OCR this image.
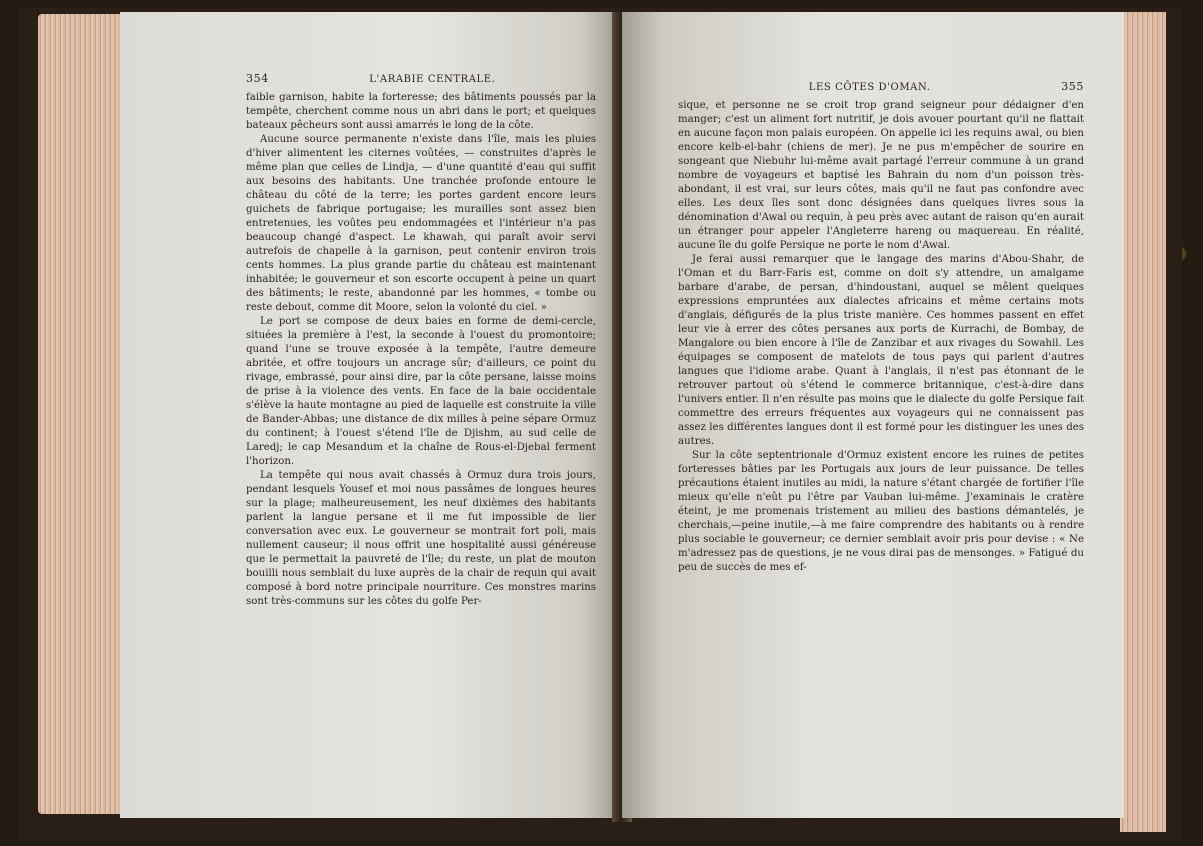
354	L'ARABIE CENTRALE.

faible garnison, habite la forteresse; des bâtiments poussés par la tempête, cherchent comme nous un abri dans le port; et quelques bateaux pêcheurs sont aussi amarrés le long de la côte.

Aucune source permanente n'existe dans l'île, mais les pluies d'hiver alimentent les citernes voûtées, — construites d'après le même plan que celles de Lindja, — d'une quantité d'eau qui suffit aux besoins des habitants. Une tranchée profonde entoure le château du côté de la terre; les portes gardent encore leurs guichets de fabrique portugaise; les murailles sont assez bien entretenues, les voûtes peu endommagées et l'intérieur n'a pas beaucoup changé d'aspect. Le khawah, qui paraît avoir servi autrefois de chapelle à la garnison, peut contenir environ trois cents hommes. La plus grande partie du château est maintenant inhabitée; le gouverneur et son escorte occupent à peine un quart des bâtiments; le reste, abandonné par les hommes, « tombe ou reste debout, comme dit Moore, selon la volonté du ciel. »

Le port se compose de deux baies en forme de demi-cercle, situées la première à l'est, la seconde à l'ouest du promontoire; quand l'une se trouve exposée à la tempête, l'autre demeure abritée, et offre toujours un ancrage sûr; d'ailleurs, ce point du rivage, embrassé, pour ainsi dire, par la côte persane, laisse moins de prise à la violence des vents. En face de la baie occidentale s'élève la haute montagne au pied de laquelle est construite la ville de Bander-Abbas; une distance de dix milles à peine sépare Ormuz du continent; à l'ouest s'étend l'île de Djishm, au sud celle de Laredj; le cap Mesandum et la chaîne de Rous-el-Djebal ferment l'horizon.

La tempête qui nous avait chassés à Ormuz dura trois jours, pendant lesquels Yousef et moi nous passâmes de longues heures sur la plage; malheureusement, les neuf dixièmes des habitants parlent la langue persane et il me fut impossible de lier conversation avec eux. Le gouverneur se montrait fort poli, mais nullement causeur; il nous offrit une hospitalité aussi généreuse que le permettait la pauvreté de l'île; du reste, un plat de mouton bouilli nous semblait du luxe auprès de la chair de requin qui avait composé à bord notre principale nourriture. Ces monstres marins sont très-communs sur les côtes du golfe Per-

LES CÔTES D'OMAN.	355

sique, et personne ne se croit trop grand seigneur pour dédaigner d'en manger; c'est un aliment fort nutritif, je dois avouer pourtant qu'il ne flattait en aucune façon mon palais européen. On appelle ici les requins awal, ou bien encore kelb-el-bahr (chiens de mer). Je ne pus m'empêcher de sourire en songeant que Niebuhr lui-même avait partagé l'erreur commune à un grand nombre de voyageurs et baptisé les Bahrain du nom d'un poisson très-abondant, il est vrai, sur leurs côtes, mais qu'il ne faut pas confondre avec elles. Les deux îles sont donc désignées dans quelques livres sous la dénomination d'Awal ou requin, à peu près avec autant de raison qu'en aurait un étranger pour appeler l'Angleterre hareng ou maquereau. En réalité, aucune île du golfe Persique ne porte le nom d'Awal.

Je ferai aussi remarquer que le langage des marins d'Abou-Shahr, de l'Oman et du Barr-Faris est, comme on doit s'y attendre, un amalgame barbare d'arabe, de persan, d'hindoustani, auquel se mêlent quelques expressions empruntées aux dialectes africains et même certains mots d'anglais, défigurés de la plus triste manière. Ces hommes passent en effet leur vie à errer des côtes persanes aux ports de Kurrachi, de Bombay, de Mangalore ou bien encore à l'île de Zanzibar et aux rivages du Sowahil. Les équipages se composent de matelots de tous pays qui parlent d'autres langues que l'idiome arabe. Quant à l'anglais, il n'est pas étonnant de le retrouver partout où s'étend le commerce britannique, c'est-à-dire dans l'univers entier. Il n'en résulte pas moins que le dialecte du golfe Persique fait commettre des erreurs fréquentes aux voyageurs qui ne connaissent pas assez les différentes langues dont il est formé pour les distinguer les unes des autres.

Sur la côte septentrionale d'Ormuz existent encore les ruines de petites forteresses bâties par les Portugais aux jours de leur puissance. De telles précautions étaient inutiles au midi, la nature s'étant chargée de fortifier l'île mieux qu'elle n'eût pu l'être par Vauban lui-même. J'examinais le cratère éteint, je me promenais tristement au milieu des bastions démantelés, je cherchais,—peine inutile,—à me faire comprendre des habitants ou à rendre plus sociable le gouverneur; ce dernier semblait avoir pris pour devise : « Ne m'adressez pas de questions, je ne vous dirai pas de mensonges. » Fatigué du peu de succès de mes ef-
